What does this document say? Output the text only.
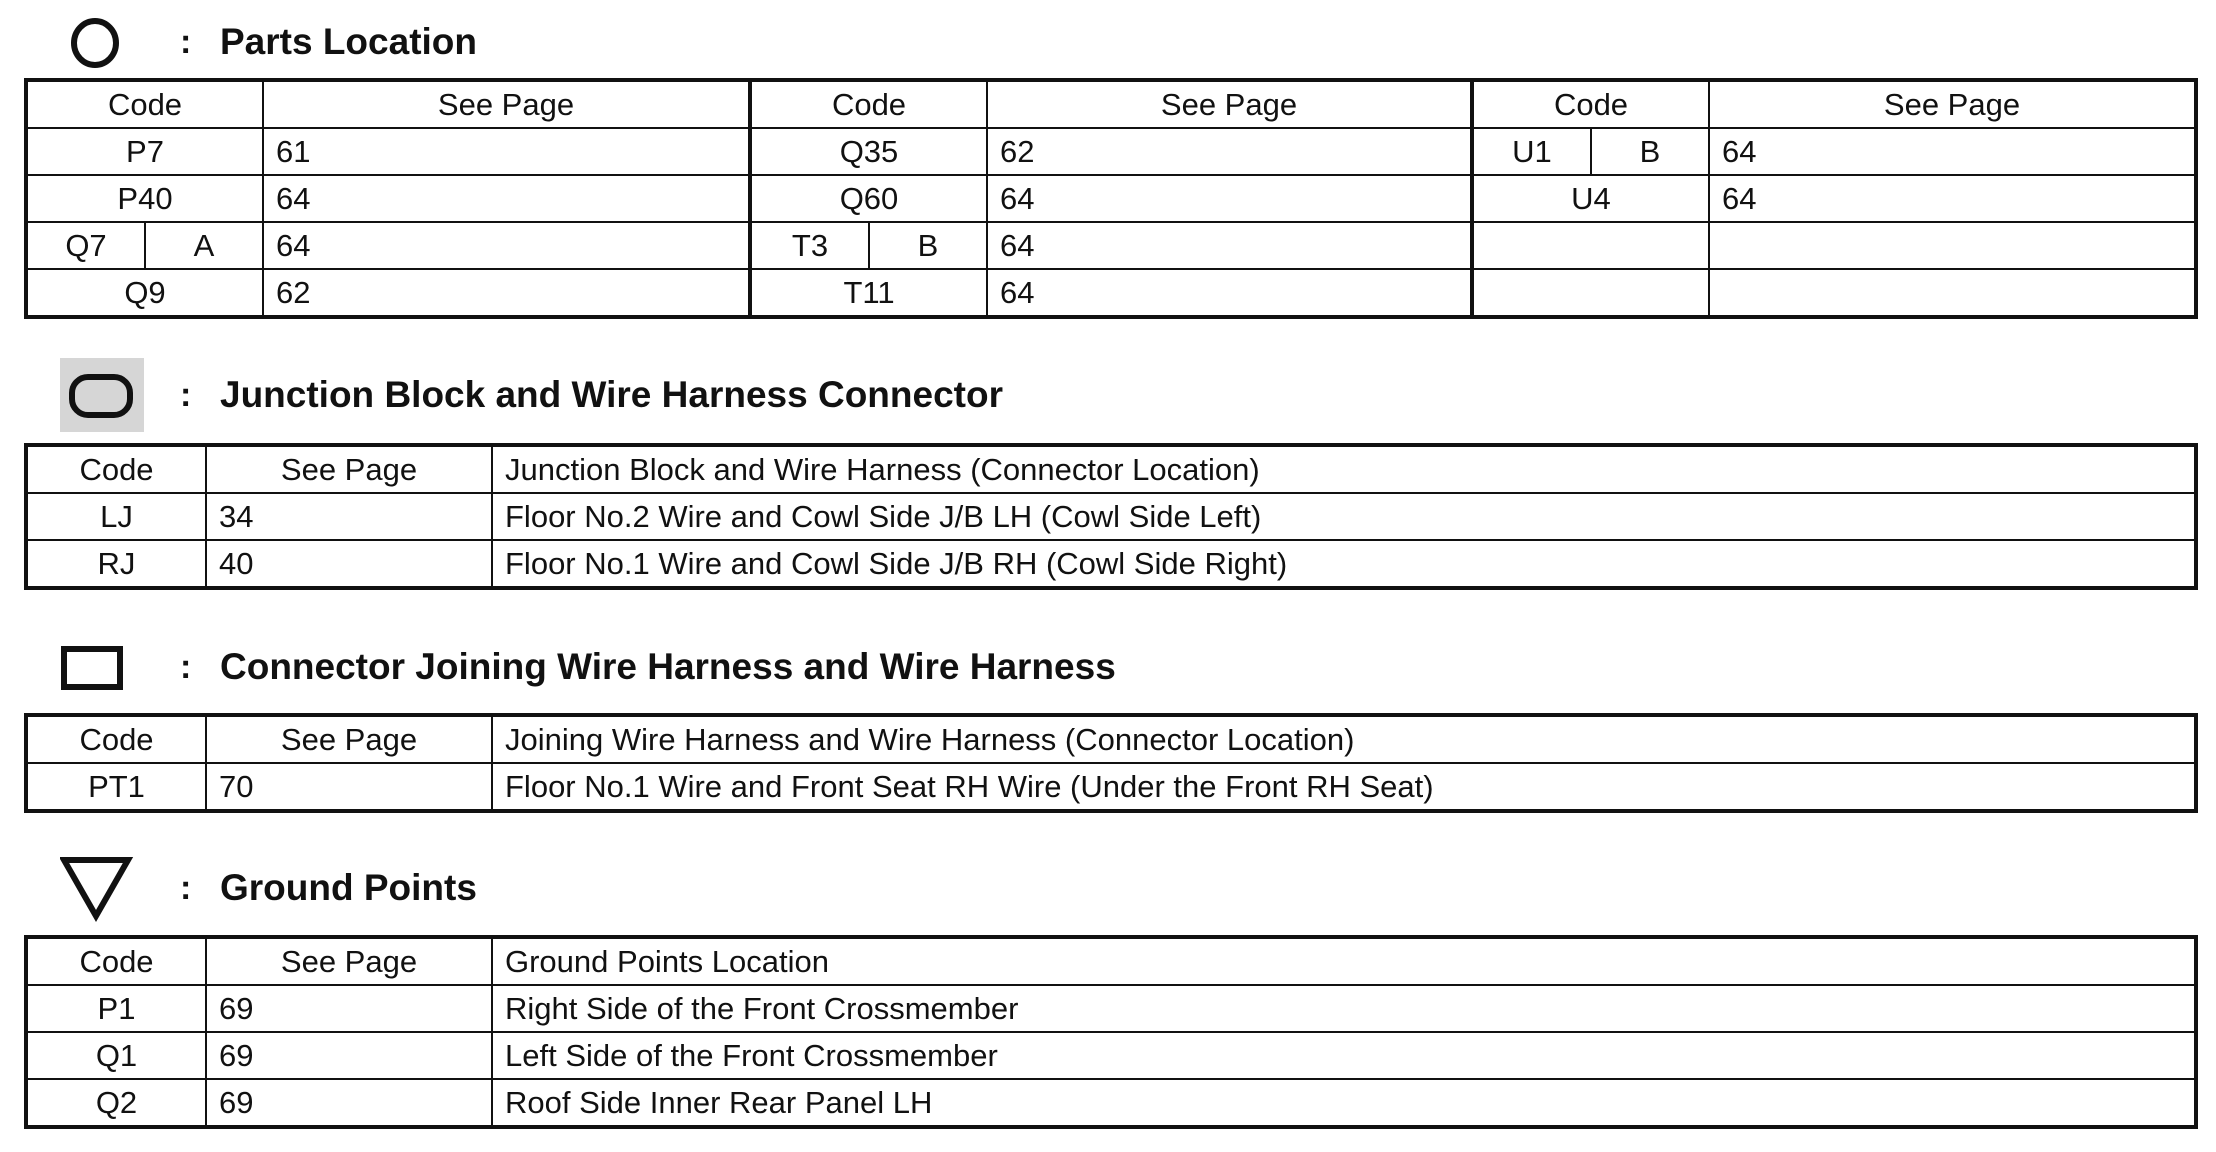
: Parts Location
Code	See Page	Code	See Page	Code	See Page
P7	61	Q35	62	U1 B	64
P40	64	Q60	64	U4	64

Q7 A	64	T3 B	64		
Q9	62	T11	64		
: Junction Block and Wire Harness Connector
Code	See Page	Junction Block and Wire Harness (Connector Location)
LJ	34	Floor No.2 Wire and Cowl Side J/B LH (Cowl Side Left)
RJ	40	Floor No.1 Wire and Cowl Side J/B RH (Cowl Side Right)
: Connector Joining Wire Harness and Wire Harness
Code	See Page	Joining Wire Harness and Wire Harness (Connector Location)
PT1	70	Floor No.1 Wire and Front Seat RH Wire (Under the Front RH Seat)
: Ground Points
Code	See Page	Ground Points Location
P1	69	Right Side of the Front Crossmember
Q1	69	Left Side of the Front Crossmember
Q2	69	Roof Side Inner Rear Panel LH
